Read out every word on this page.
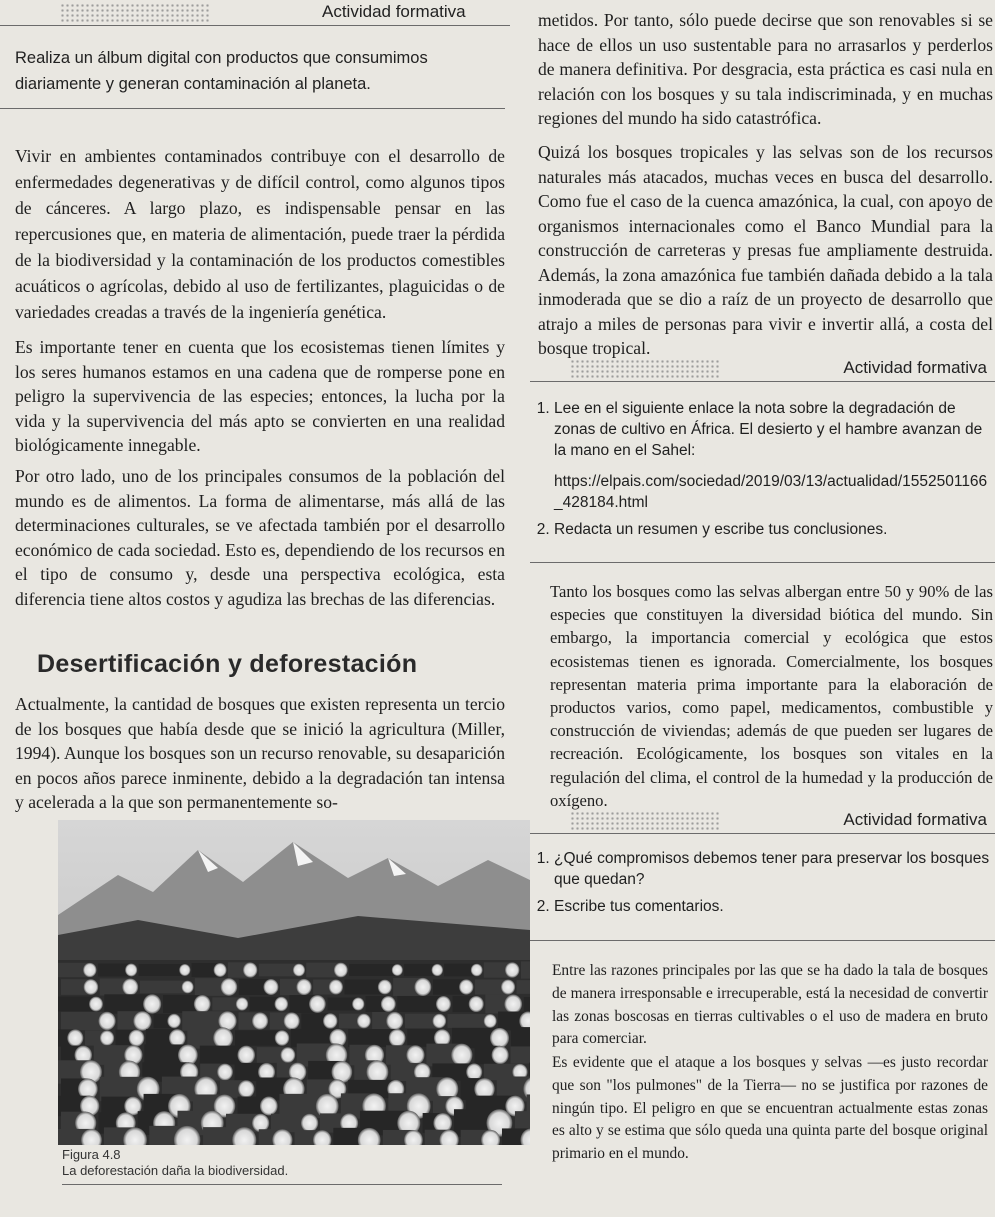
Actividad formativa

Realiza un álbum digital con productos que consumimos diariamente y generan contaminación al planeta.

Vivir en ambientes contaminados contribuye con el desarrollo de enfermedades degenerativas y de difícil control, como algunos tipos de cánceres. A largo plazo, es indispensable pensar en las repercusiones que, en materia de alimentación, puede traer la pérdida de la biodiversidad y la contaminación de los productos comestibles acuáticos o agrícolas, debido al uso de fertilizantes, plaguicidas o de variedades creadas a través de la ingeniería genética.

Es importante tener en cuenta que los ecosistemas tienen límites y los seres humanos estamos en una cadena que de romperse pone en peligro la supervivencia de las especies; entonces, la lucha por la vida y la supervivencia del más apto se convierten en una realidad biológicamente innegable.

Por otro lado, uno de los principales consumos de la población del mundo es de alimentos. La forma de alimentarse, más allá de las determinaciones culturales, se ve afectada también por el desarrollo económico de cada sociedad. Esto es, dependiendo de los recursos en el tipo de consumo y, desde una perspectiva ecológica, esta diferencia tiene altos costos y agudiza las brechas de las diferencias.

Desertificación y deforestación

Actualmente, la cantidad de bosques que existen representa un tercio de los bosques que había desde que se inició la agricultura (Miller, 1994). Aunque los bosques son un recurso renovable, su desaparición en pocos años parece inminente, debido a la degradación tan intensa y acelerada a la que son permanentemente so-

Figura 4.8
La deforestación daña la biodiversidad.

metidos. Por tanto, sólo puede decirse que son renovables si se hace de ellos un uso sustentable para no arrasarlos y perderlos de manera definitiva. Por desgracia, esta práctica es casi nula en relación con los bosques y su tala indiscriminada, y en muchas regiones del mundo ha sido catastrófica.

Quizá los bosques tropicales y las selvas son de los recursos naturales más atacados, muchas veces en busca del desarrollo. Como fue el caso de la cuenca amazónica, la cual, con apoyo de organismos internacionales como el Banco Mundial para la construcción de carreteras y presas fue ampliamente destruida. Además, la zona amazónica fue también dañada debido a la tala inmoderada que se dio a raíz de un proyecto de desarrollo que atrajo a miles de personas para vivir e invertir allá, a costa del bosque tropical.

Actividad formativa
1. Lee en el siguiente enlace la nota sobre la degradación de zonas de cultivo en África. El desierto y el hambre avanzan de la mano en el Sahel:
https://elpais.com/sociedad/2019/03/13/actualidad/1552501166_428184.html
2. Redacta un resumen y escribe tus conclusiones.

Tanto los bosques como las selvas albergan entre 50 y 90% de las especies que constituyen la diversidad biótica del mundo. Sin embargo, la importancia comercial y ecológica que estos ecosistemas tienen es ignorada. Comercialmente, los bosques representan materia prima importante para la elaboración de productos varios, como papel, medicamentos, combustible y construcción de viviendas; además de que pueden ser lugares de recreación. Ecológicamente, los bosques son vitales en la regulación del clima, el control de la humedad y la producción de oxígeno.

Actividad formativa
1. ¿Qué compromisos debemos tener para preservar los bosques que quedan?
2. Escribe tus comentarios.

Entre las razones principales por las que se ha dado la tala de bosques de manera irresponsable e irrecuperable, está la necesidad de convertir las zonas boscosas en tierras cultivables o el uso de madera en bruto para comerciar.

Es evidente que el ataque a los bosques y selvas —es justo recordar que son "los pulmones" de la Tierra— no se justifica por razones de ningún tipo. El peligro en que se encuentran actualmente estas zonas es alto y se estima que sólo queda una quinta parte del bosque original primario en el mundo.
